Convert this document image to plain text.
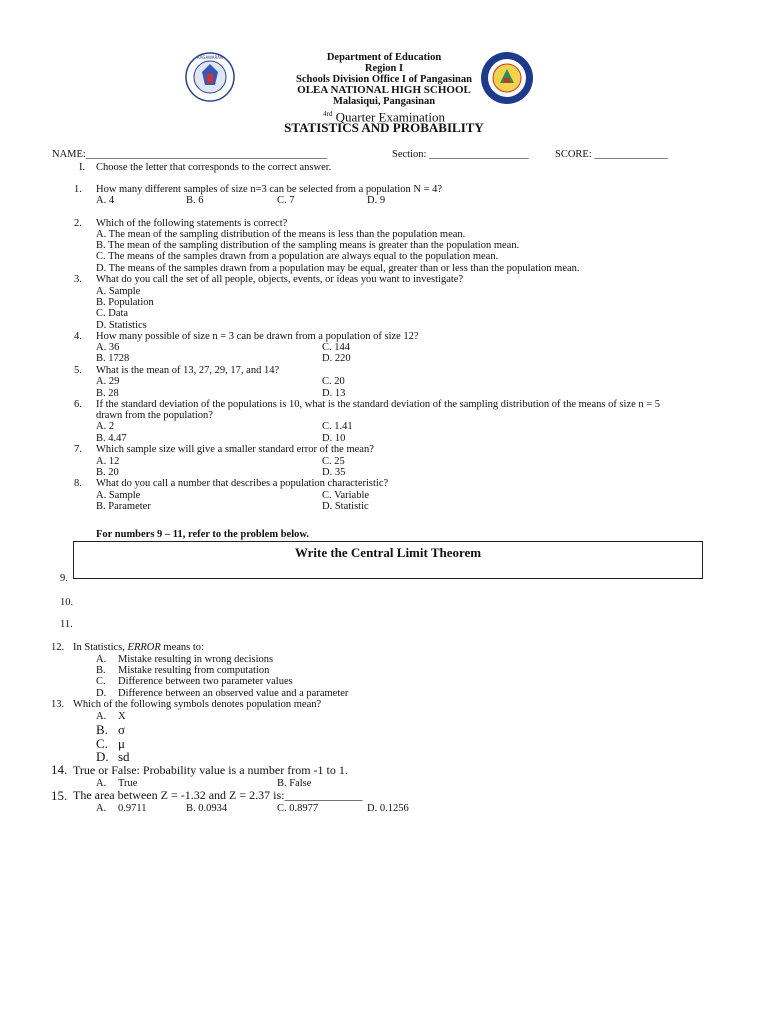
KAGAWARAN	Department of Education
Region I
Schools Division Office I of Pangasinan
OLEA NATIONAL HIGH SCHOOL
Malasiqui, Pangasinan
$^{4rd}$ Quarter Examination
STATISTICS AND PROBABILITY
NAME:______________________________________________	Section: ___________________ SCORE: ______________
I. Choose the letter that corresponds to the correct answer.
1. How many different samples of size n=3 can be selected from a population N = 4?
A. 4	B. 6	C. 7	D. 9
2. Which of the following statements is correct?
A. The mean of the sampling distribution of the means is less than the population mean.
B. The mean of the sampling distribution of the sampling means is greater than the population mean.
C. The means of the samples drawn from a population are always equal to the population mean.
D. The means of the samples drawn from a population may be equal, greater than or less than the population mean.
3. What do you call the set of all people, objects, events, or ideas you want to investigate?
A. Sample
B. Population
C. Data
D. Statistics
4. How many possible of size n = 3 can be drawn from a population of size 12?
A. 36
B. 1728
C. 144
D. 220
5. What is the mean of 13, 27, 29, 17, and 14?
A. 29
B. 28
C. 20
D. 13
6. If the standard deviation of the populations is 10, what is the standard deviation of the sampling distribution of the means of size n = 5
drawn from the population?
A. 2
B. 4.47
C. 1.41
D. 10
7. Which sample size will give a smaller standard error of the mean?
A. 12
B. 20
C. 25
D. 35
8. What do you call a number that describes a population characteristic?
A. Sample
B. Parameter
C. Variable
D. Statistic
For numbers 9 – 11, refer to the problem below.
Write the Central Limit Theorem
9.
10.
11.
12. In Statistics, ERROR means to:
A. Mistake resulting in wrong decisions
B. Mistake resulting from computation
C. Difference between two parameter values
D. Difference between an observed value and a parameter
13. Which of the following symbols denotes population mean?
A. X
B. σ
C. μ
D. sd
14. True or False: Probability value is a number from -1 to 1.
A. True	B. False
15. The area between Z = -1.32 and Z = 2.37 is:_____________
A. 0.9711	B. 0.0934	C. 0.8977	D. 0.1256
